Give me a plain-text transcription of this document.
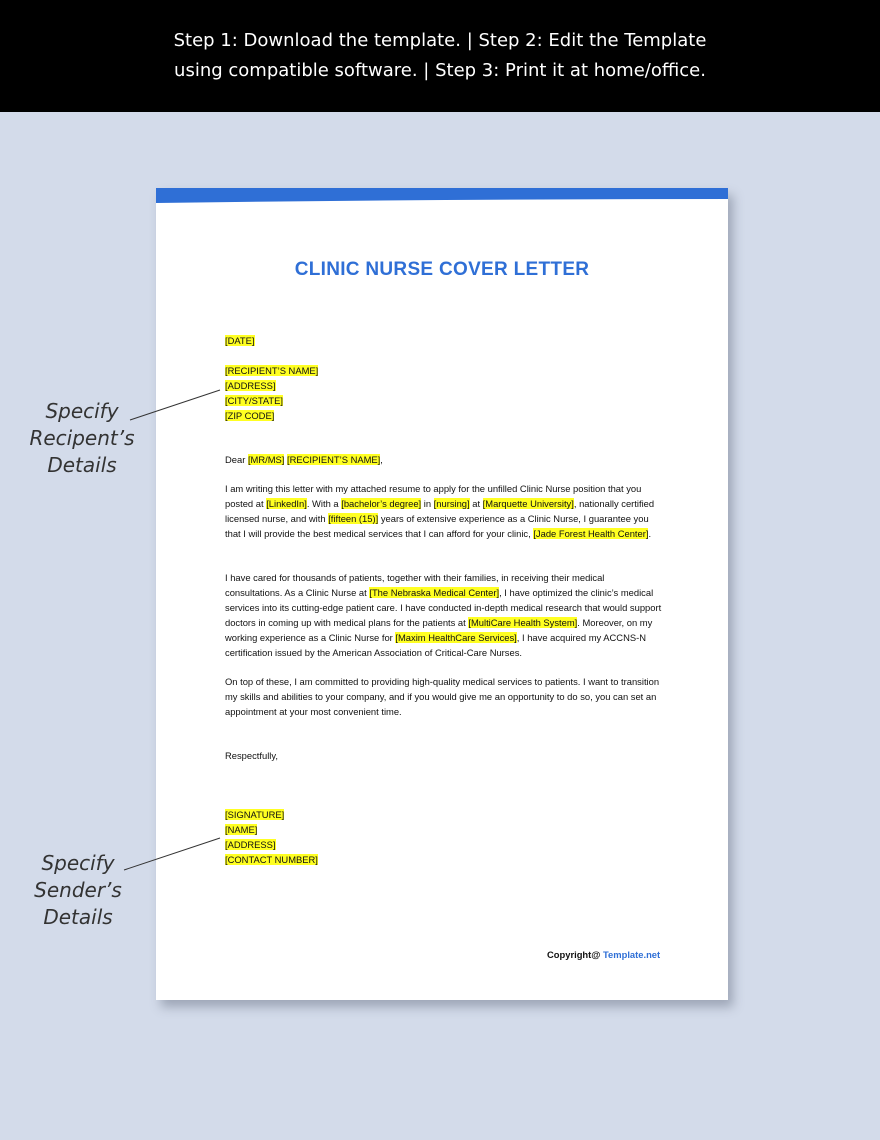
Step 1: Download the template. | Step 2: Edit the Template
using compatible software. | Step 3: Print it at home/office.
CLINIC NURSE COVER LETTER
[DATE]
[RECIPIENT’S NAME]
[ADDRESS]
[CITY/STATE]
[ZIP CODE]
Dear [MR/MS] [RECIPIENT’S NAME],

I am writing this letter with my attached resume to apply for the unfilled Clinic Nurse position that you posted at [LinkedIn]. With a [bachelor’s degree] in [nursing] at [Marquette University], nationally certified licensed nurse, and with [fifteen (15)] years of extensive experience as a Clinic Nurse, I guarantee you that I will provide the best medical services that I can afford for your clinic, [Jade Forest Health Center].

I have cared for thousands of patients, together with their families, in receiving their medical consultations. As a Clinic Nurse at [The Nebraska Medical Center], I have optimized the clinic’s medical services into its cutting-edge patient care. I have conducted in-depth medical research that would support doctors in coming up with medical plans for the patients at [MultiCare Health System]. Moreover, on my working experience as a Clinic Nurse for [Maxim HealthCare Services], I have acquired my ACCNS-N certification issued by the American Association of Critical-Care Nurses.

On top of these, I am committed to providing high-quality medical services to patients. I want to transition my skills and abilities to your company, and if you would give me an opportunity to do so, you can set an appointment at your most convenient time.

Respectfully,
[SIGNATURE]
[NAME]
[ADDRESS]
[CONTACT NUMBER]
Copyright@ Template.net
Specify
Recipent’s
Details
Specify
Sender’s
Details
